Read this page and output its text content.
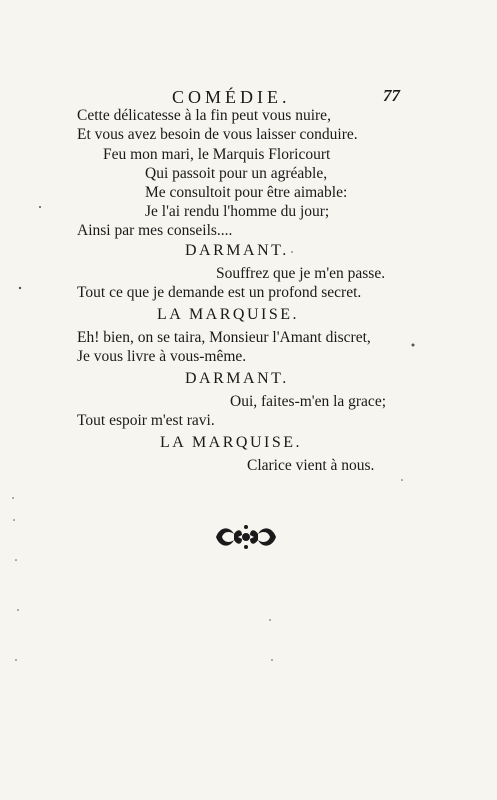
COMÉDIE.	77
Cette délicatesse à la fin peut vous nuire,
Et vous avez besoin de vous laisser conduire.
Feu mon mari, le Marquis Floricourt
Qui passoit pour un agréable,
Me consultoit pour être aimable:
Je l'ai rendu l'homme du jour;
Ainsi par mes conseils....
DARMANT.
Souffrez que je m'en passe.
Tout ce que je demande est un profond secret.
LA MARQUISE.
Eh! bien, on se taira, Monsieur l'Amant discret,
Je vous livre à vous-même.
DARMANT.
Oui, faites-m'en la grace;
Tout espoir m'est ravi.
LA MARQUISE.
Clarice vient à nous.
